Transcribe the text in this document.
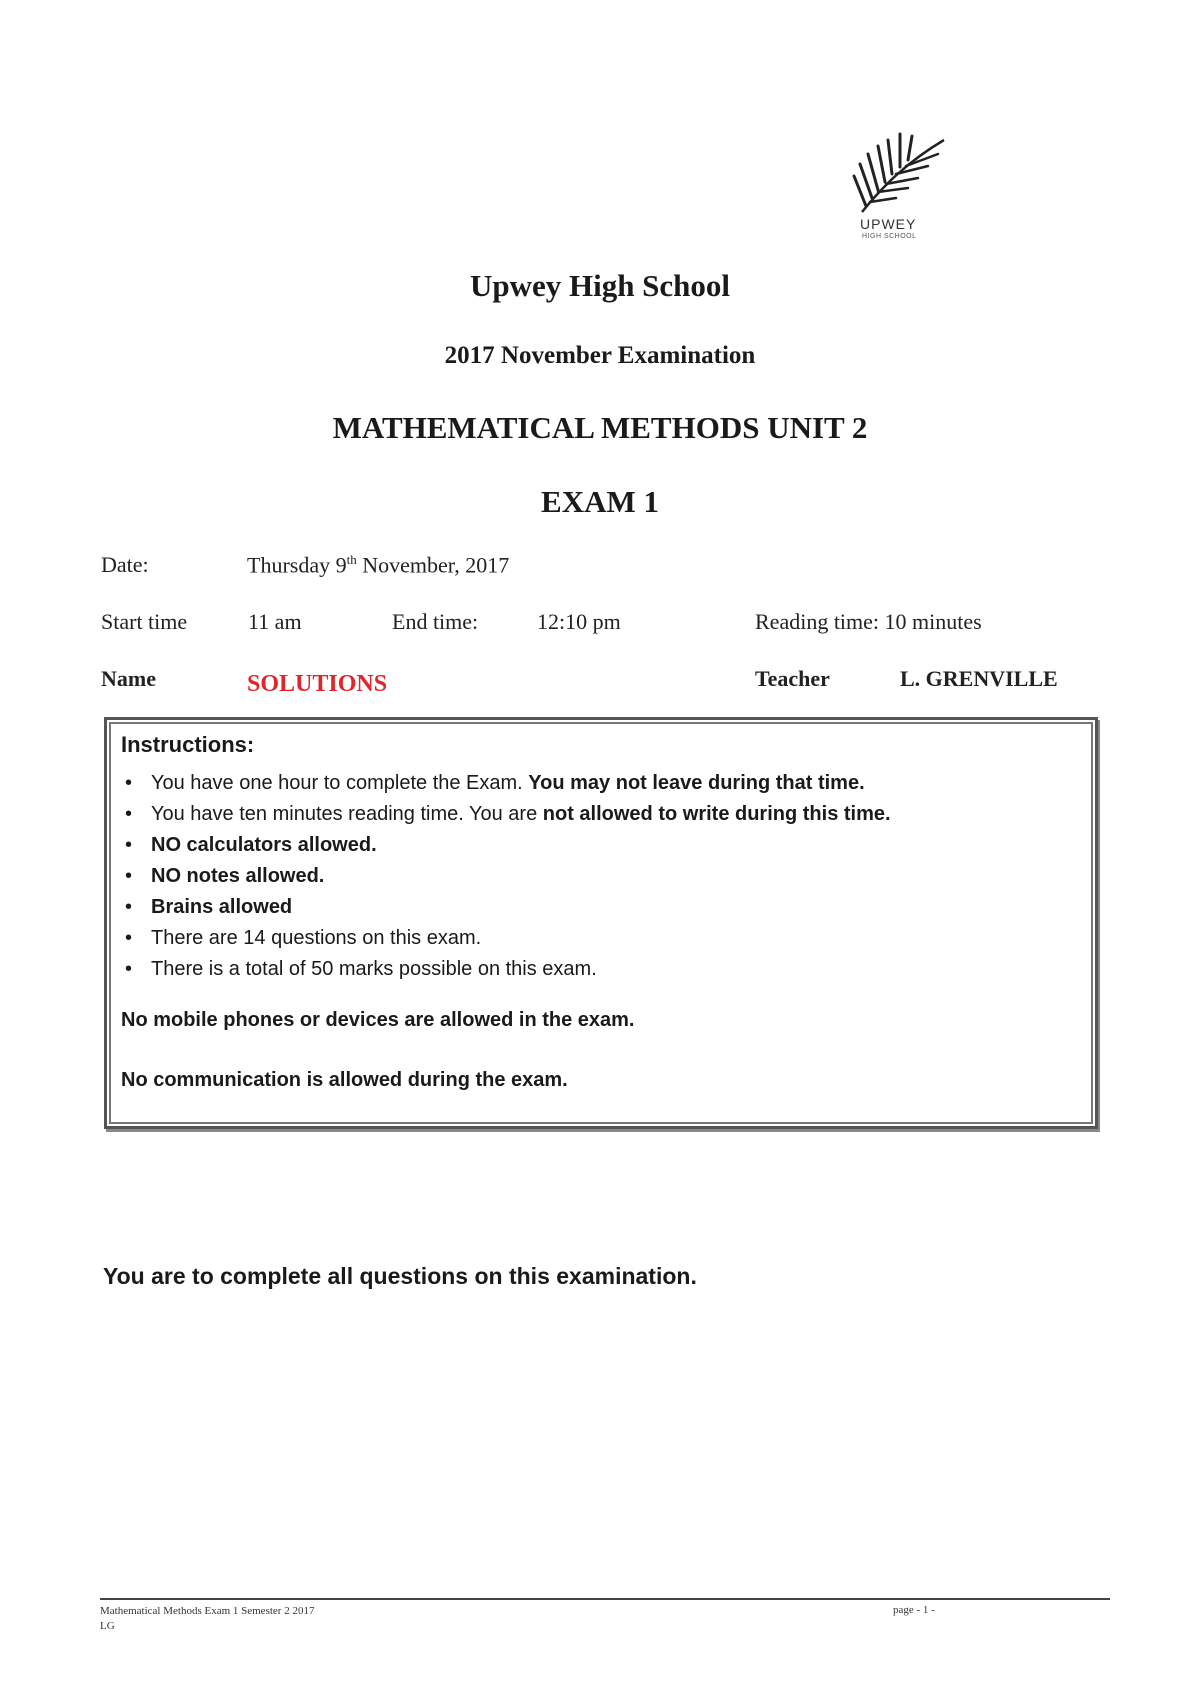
UPWEY
HIGH SCHOOL
Upwey High School
2017 November Examination
MATHEMATICAL METHODS UNIT 2
EXAM 1
Date:	Thursday 9th November, 2017
Start time	11 am	End time:	12:10 pm	Reading time: 10 minutes
Name	SOLUTIONS	Teacher	L. GRENVILLE
Instructions:
• You have one hour to complete the Exam. You may not leave during that time.
• You have ten minutes reading time. You are not allowed to write during this time.
• NO calculators allowed.
• NO notes allowed.
• Brains allowed
• There are 14 questions on this exam.
• There is a total of 50 marks possible on this exam.
No mobile phones or devices are allowed in the exam.
No communication is allowed during the exam.
You are to complete all questions on this examination.
Mathematical Methods Exam 1 Semester 2 2017
LG
page - 1 -
